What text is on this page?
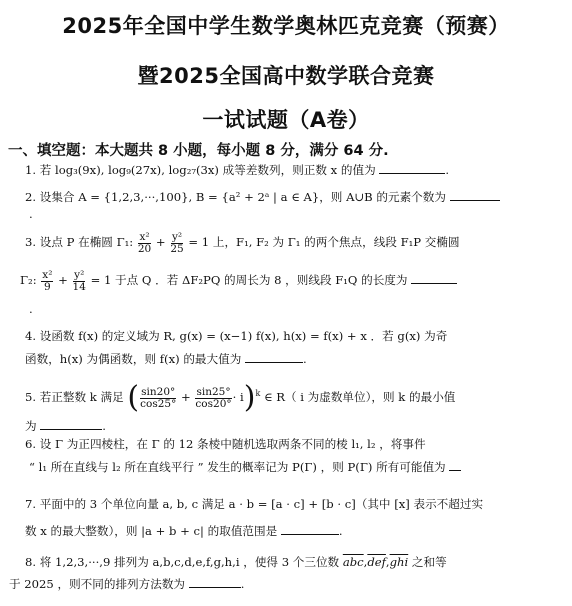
2025年全国中学生数学奥林匹克竞赛（预赛）
暨2025全国高中数学联合竞赛
一试试题（A卷）
一、填空题：本大题共 8 小题，每小题 8 分，满分 64 分.
1. 若 log₃(9x), log₉(27x), log₂₇(3x) 成等差数列，则正数 x 的值为	.
2. 设集合 A = {1,2,3,···,100}, B = {a² + 2ᵃ | a ∈ A}，则 A∪B 的元素个数为
.
3. 设点 P 在椭圆 Γ₁: $\frac{\text{x²}}{20} + \frac{\text{y²}}{25} = 1$ 上，F₁, F₂ 为 Γ₁ 的两个焦点，线段 F₁P 交椭圆
Γ₂: $\frac{\text{x²}}{9} + \frac{\text{y²}}{14} = 1$ 于点 Q ．若 ΔF₂PQ 的周长为 8 ，则线段 F₁Q 的长度为
.
4. 设函数 f(x) 的定义域为 R, g(x) = (x−1) f(x), h(x) = f(x) + x ．若 g(x) 为奇
函数，h(x) 为偶函数，则 f(x) 的最大值为	.
5. 若正整数 k 满足 ( $\frac{\sin 20^\circ}{\cos 25^\circ} + \frac{\sin 25^\circ}{\cos 20^\circ} \cdot i)^k$ ∈ R（ i 为虚数单位），则 k 的最小值
为	.
6. 设 Γ 为正四棱柱，在 Γ 的 12 条棱中随机选取两条不同的棱 l₁, l₂ ，将事件
“ l₁ 所在直线与 l₂ 所在直线平行 ” 发生的概率记为 P(Γ) ，则 P(Γ) 所有可能值为
7. 平面中的 3 个单位向量 a, b, c 满足 a · b = [a · c] + [b · c]（其中 [x] 表示不超过实
数 x 的最大整数），则 |a + b + c| 的取值范围是	.
8. 将 1,2,3,···,9 排列为 a,b,c,d,e,f,g,h,i ，使得 3 个三位数 $\overline{abc},\overline{def},\overline{ghi}$ 之和等
于 2025 ，则不同的排列方法数为	.
